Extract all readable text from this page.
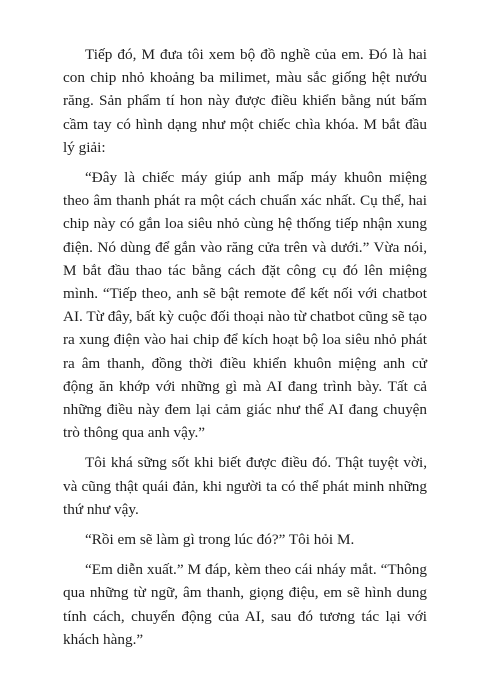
Tiếp đó, M đưa tôi xem bộ đồ nghề của em. Đó là hai con chip nhỏ khoảng ba milimet, màu sắc giống hệt nướu răng. Sản phẩm tí hon này được điều khiển bằng nút bấm cầm tay có hình dạng như một chiếc chìa khóa. M bắt đầu lý giải:

“Đây là chiếc máy giúp anh mấp máy khuôn miệng theo âm thanh phát ra một cách chuẩn xác nhất. Cụ thể, hai chip này có gắn loa siêu nhỏ cùng hệ thống tiếp nhận xung điện. Nó dùng để gắn vào răng cửa trên và dưới.” Vừa nói, M bắt đầu thao tác bằng cách đặt công cụ đó lên miệng mình. “Tiếp theo, anh sẽ bật remote để kết nối với chatbot AI. Từ đây, bất kỳ cuộc đối thoại nào từ chatbot cũng sẽ tạo ra xung điện vào hai chip để kích hoạt bộ loa siêu nhỏ phát ra âm thanh, đồng thời điều khiển khuôn miệng anh cử động ăn khớp với những gì mà AI đang trình bày. Tất cả những điều này đem lại cảm giác như thể AI đang chuyện trò thông qua anh vậy.”

Tôi khá sững sốt khi biết được điều đó. Thật tuyệt vời, và cũng thật quái đản, khi người ta có thể phát minh những thứ như vậy.

“Rồi em sẽ làm gì trong lúc đó?” Tôi hỏi M.

“Em diễn xuất.” M đáp, kèm theo cái nháy mắt. “Thông qua những từ ngữ, âm thanh, giọng điệu, em sẽ hình dung tính cách, chuyển động của AI, sau đó tương tác lại với khách hàng.”
